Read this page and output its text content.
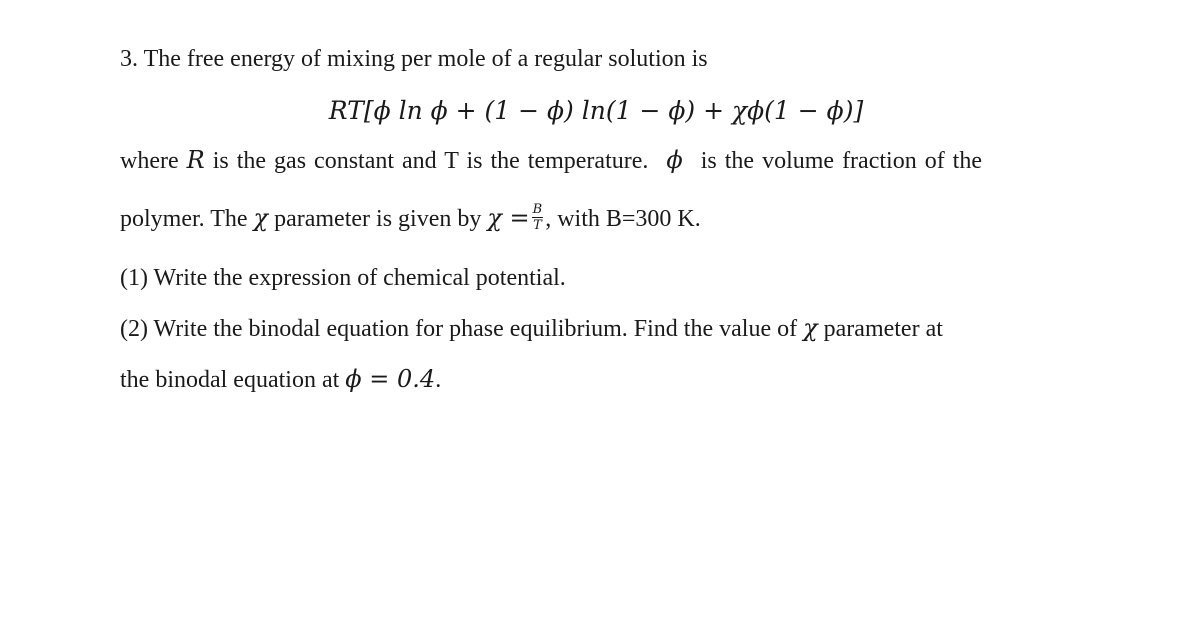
3. The free energy of mixing per mole of a regular solution is
RT[ϕ ln ϕ + (1 − ϕ) ln(1 − ϕ) + χϕ(1 − ϕ)]
where R is the gas constant and T is the temperature. ϕ is the volume fraction of the
polymer. The χ parameter is given by $\chi = \frac{B}{T}$ , with B=300 K.
(1) Write the expression of chemical potential.
(2) Write the binodal equation for phase equilibrium. Find the value of χ parameter at
the binodal equation at ϕ = 0.4.
